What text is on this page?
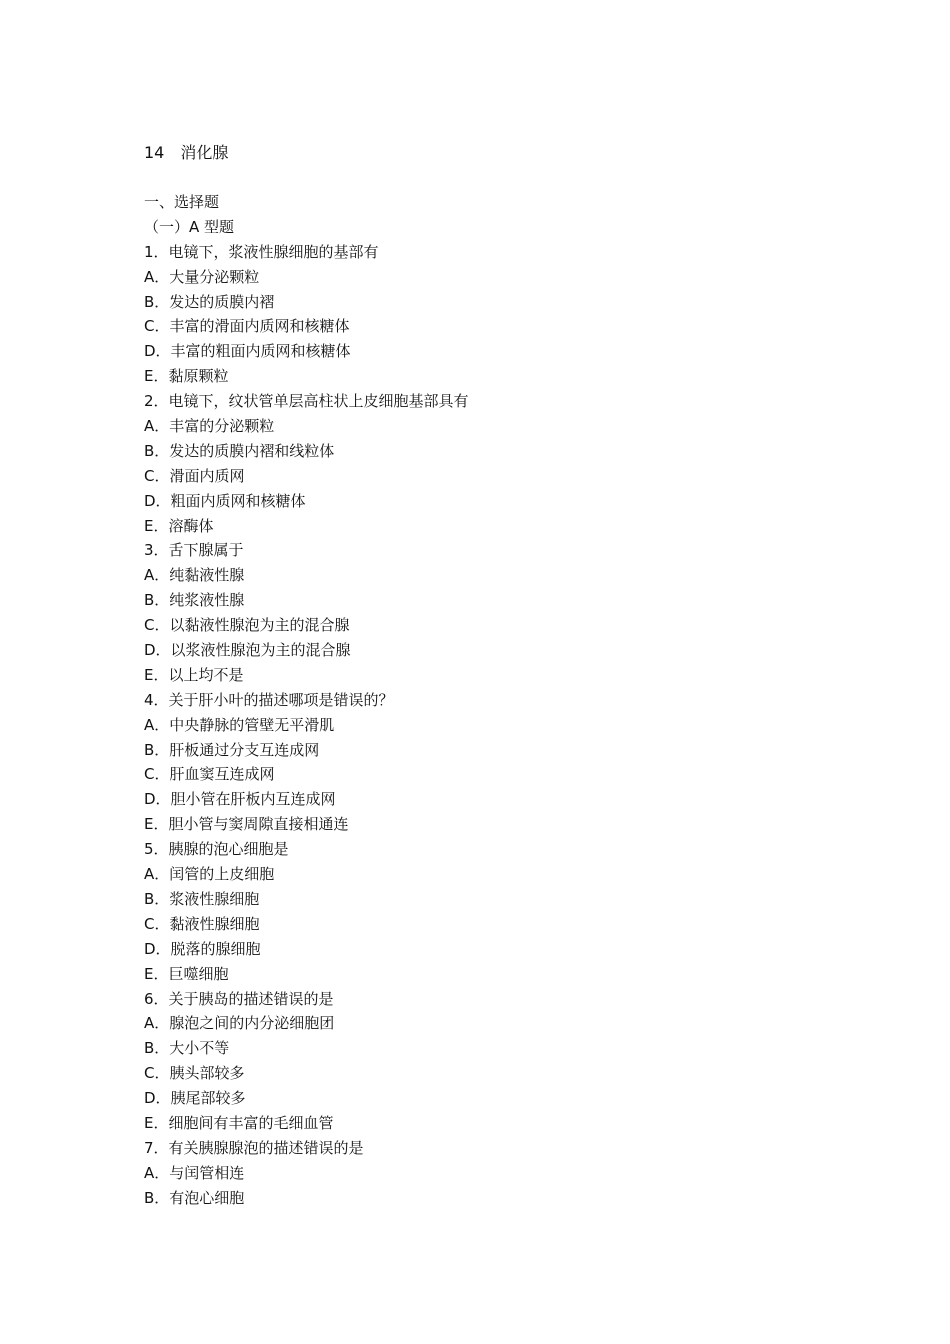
14　消化腺
一、选择题
（一）A 型题
1．电镜下，浆液性腺细胞的基部有
A．大量分泌颗粒
B．发达的质膜内褶
C．丰富的滑面内质网和核糖体
D．丰富的粗面内质网和核糖体
E．黏原颗粒
2．电镜下，纹状管单层高柱状上皮细胞基部具有
A．丰富的分泌颗粒
B．发达的质膜内褶和线粒体
C．滑面内质网
D．粗面内质网和核糖体
E．溶酶体
3．舌下腺属于
A．纯黏液性腺
B．纯浆液性腺
C．以黏液性腺泡为主的混合腺
D．以浆液性腺泡为主的混合腺
E．以上均不是
4．关于肝小叶的描述哪项是错误的？
A．中央静脉的管壁无平滑肌
B．肝板通过分支互连成网
C．肝血窦互连成网
D．胆小管在肝板内互连成网
E．胆小管与窦周隙直接相通连
5．胰腺的泡心细胞是
A．闰管的上皮细胞
B．浆液性腺细胞
C．黏液性腺细胞
D．脱落的腺细胞
E．巨噬细胞
6．关于胰岛的描述错误的是
A．腺泡之间的内分泌细胞团
B．大小不等
C．胰头部较多
D．胰尾部较多
E．细胞间有丰富的毛细血管
7．有关胰腺腺泡的描述错误的是
A．与闰管相连
B．有泡心细胞
